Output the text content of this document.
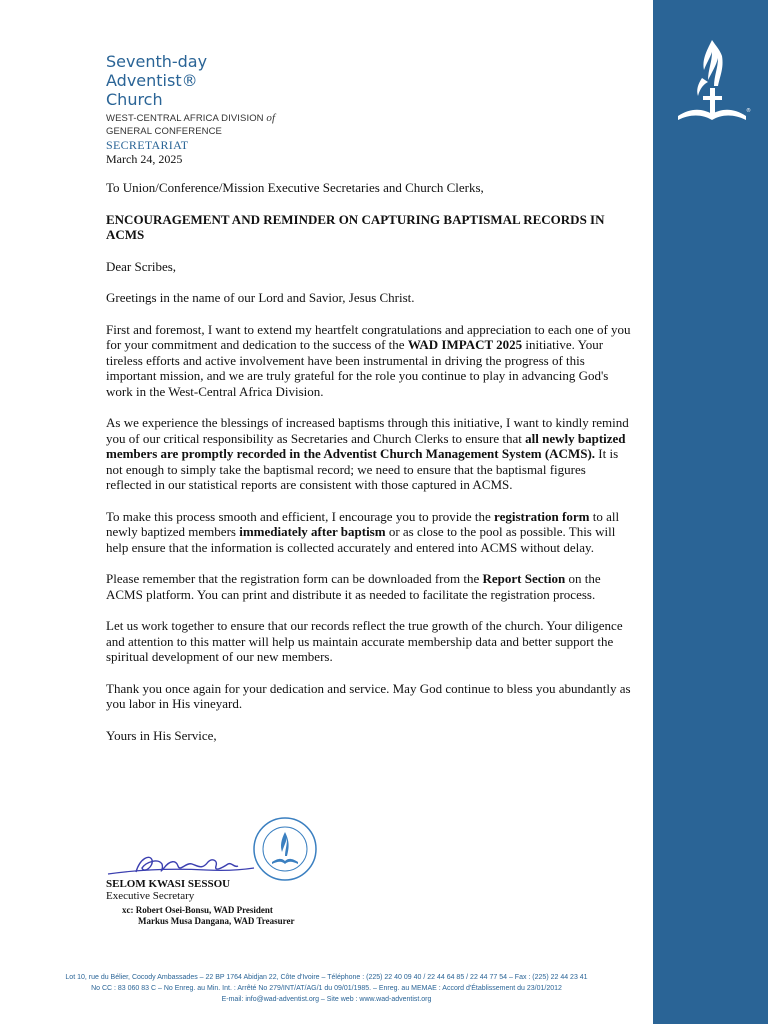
®
Seventh-day
Adventist®
Church
WEST-CENTRAL AFRICA DIVISION of
GENERAL CONFERENCE
SECRETARIAT
March 24, 2025

To Union/Conference/Mission Executive Secretaries and Church Clerks,

ENCOURAGEMENT AND REMINDER ON CAPTURING BAPTISMAL RECORDS IN ACMS

Dear Scribes,

Greetings in the name of our Lord and Savior, Jesus Christ.

First and foremost, I want to extend my heartfelt congratulations and appreciation to each one of you for your commitment and dedication to the success of the WAD IMPACT 2025 initiative. Your tireless efforts and active involvement have been instrumental in driving the progress of this important mission, and we are truly grateful for the role you continue to play in advancing God's work in the West-Central Africa Division.

As we experience the blessings of increased baptisms through this initiative, I want to kindly remind you of our critical responsibility as Secretaries and Church Clerks to ensure that all newly baptized members are promptly recorded in the Adventist Church Management System (ACMS). It is not enough to simply take the baptismal record; we need to ensure that the baptismal figures reflected in our statistical reports are consistent with those captured in ACMS.

To make this process smooth and efficient, I encourage you to provide the registration form to all newly baptized members immediately after baptism or as close to the pool as possible. This will help ensure that the information is collected accurately and entered into ACMS without delay.

Please remember that the registration form can be downloaded from the Report Section on the ACMS platform. You can print and distribute it as needed to facilitate the registration process.

Let us work together to ensure that our records reflect the true growth of the church. Your diligence and attention to this matter will help us maintain accurate membership data and better support the spiritual development of our new members.

Thank you once again for your dedication and service. May God continue to bless you abundantly as you labor in His vineyard.

Yours in His Service,

SELOM KWASI SESSOU
Executive Secretary
xc: Robert Osei-Bonsu, WAD President
Markus Musa Dangana, WAD Treasurer
Lot 10, rue du Bélier, Cocody Ambassades – 22 BP 1764 Abidjan 22, Côte d'Ivoire – Téléphone : (225) 22 40 09 40 / 22 44 64 85 / 22 44 77 54 – Fax : (225) 22 44 23 41
No CC : 83 060 83 C – No Enreg. au Min. Int. : Arrêté No 279/INT/AT/AG/1 du 09/01/1985. – Enreg. au MEMAE : Accord d'Établissement du 23/01/2012
E-mail: info@wad-adventist.org – Site web : www.wad-adventist.org
